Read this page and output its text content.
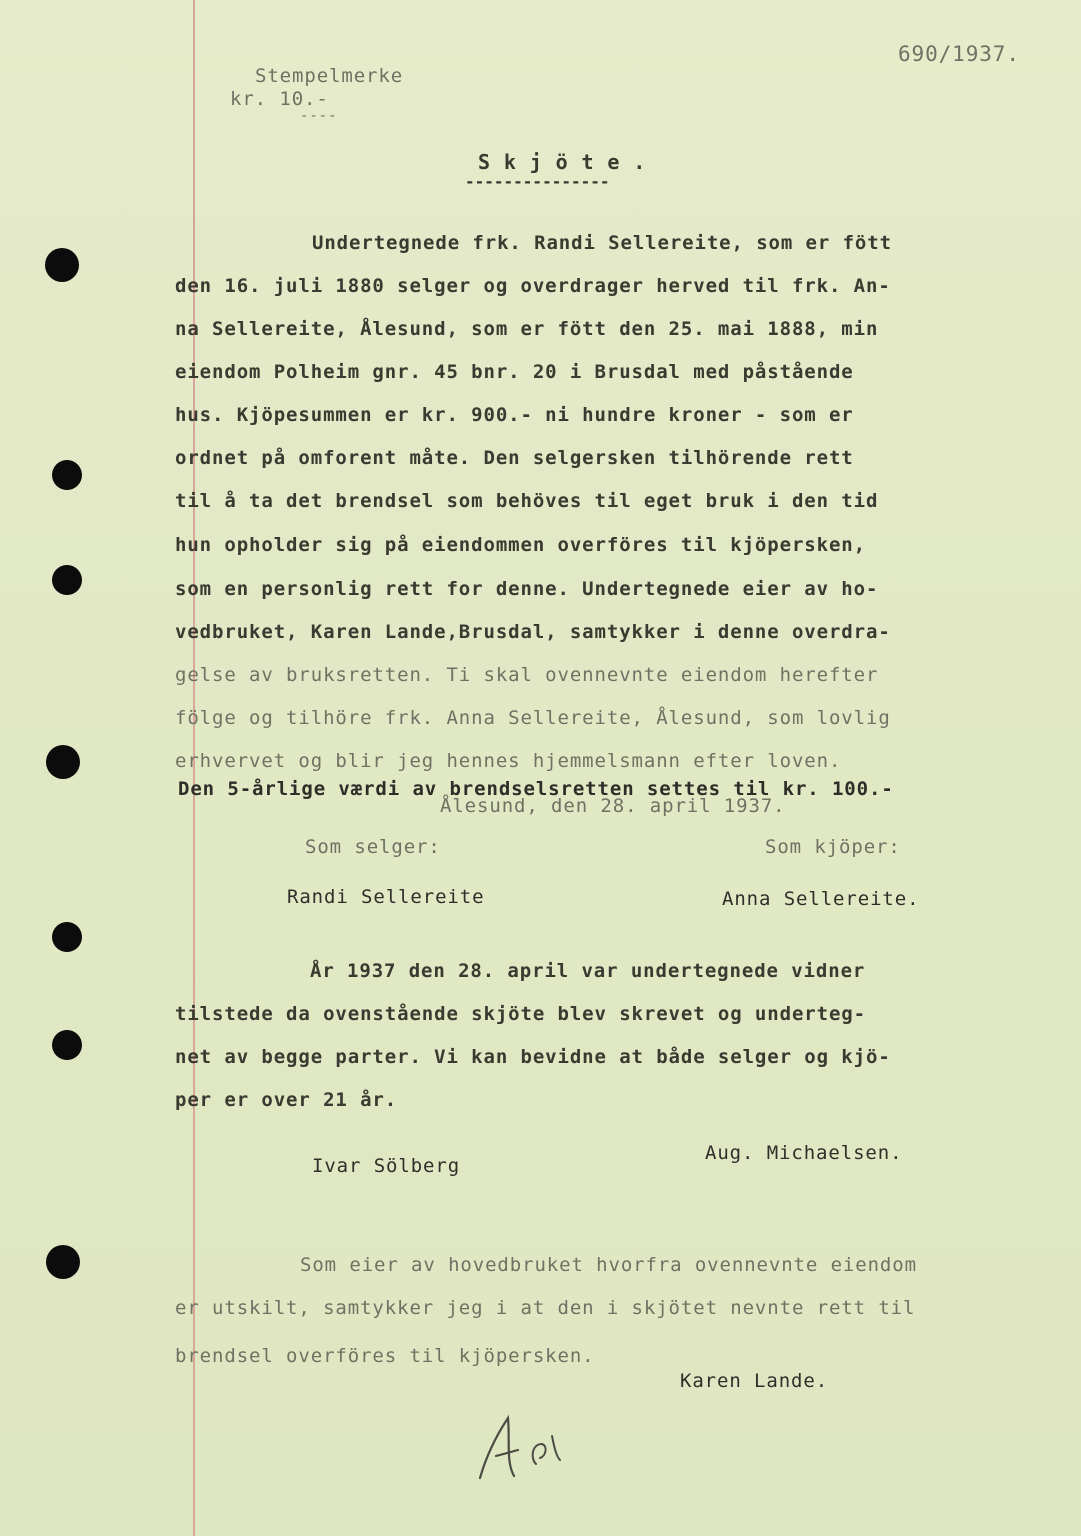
690/1937.
Stempelmerke
kr. 10.-
----
S k j ö t e .
---------------
Undertegnede frk. Randi Sellereite, som er fött
den 16. juli 1880 selger og overdrager herved til frk. An-
na Sellereite, Ålesund, som er fött den 25. mai 1888, min
eiendom Polheim gnr. 45 bnr. 20 i Brusdal med påstående
hus. Kjöpesummen er kr. 900.- ni hundre kroner - som er
ordnet på omforent måte. Den selgersken tilhörende rett
til å ta det brendsel som behöves til eget bruk i den tid
hun opholder sig på eiendommen overföres til kjöpersken,
som en personlig rett for denne. Undertegnede eier av ho-
vedbruket, Karen Lande,Brusdal, samtykker i denne overdra-
gelse av bruksretten. Ti skal ovennevnte eiendom herefter
fölge og tilhöre frk. Anna Sellereite, Ålesund, som lovlig
erhvervet og blir jeg hennes hjemmelsmann efter loven.
Den 5-årlige værdi av brendselsretten settes til kr. 100.-
Ålesund, den 28. april 1937.
Som selger:	Som kjöper:
Randi Sellereite	Anna Sellereite.
År 1937 den 28. april var undertegnede vidner
tilstede da ovenstående skjöte blev skrevet og underteg-
net av begge parter. Vi kan bevidne at både selger og kjö-
per er over 21 år.
Ivar Sölberg
Aug. Michaelsen.
Som eier av hovedbruket hvorfra ovennevnte eiendom
er utskilt, samtykker jeg i at den i skjötet nevnte rett til
brendsel overföres til kjöpersken.
Karen Lande.
